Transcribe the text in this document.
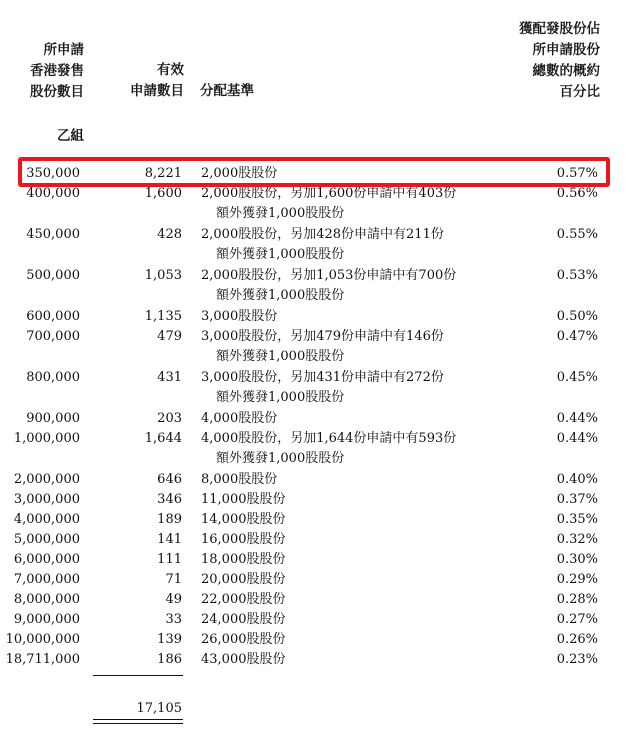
所申請
香港發售
股份數目
有效
申請數目 分配基準
獲配發股份佔
所申請股份
總數的概約
百分比
乙組
350,000	8,221 2,000股股份	0.57%
400,000	1,600 2,000股股份，另加1,600份申請中有403份	0.56%
額外獲發1,000股股份
450,000	428 2,000股股份，另加428份申請中有211份	0.55%
額外獲發1,000股股份
500,000	1,053 2,000股股份，另加1,053份申請中有700份	0.53%
額外獲發1,000股股份
600,000	1,135 3,000股股份	0.50%
700,000	479 3,000股股份，另加479份申請中有146份	0.47%
額外獲發1,000股股份
800,000	431 3,000股股份，另加431份申請中有272份	0.45%
額外獲發1,000股股份
900,000	203 4,000股股份	0.44%
1,000,000	1,644 4,000股股份，另加1,644份申請中有593份	0.44%
額外獲發1,000股股份
2,000,000	646 8,000股股份	0.40%
3,000,000	346 11,000股股份	0.37%
4,000,000	189 14,000股股份	0.35%
5,000,000	141 16,000股股份	0.32%
6,000,000	111 18,000股股份	0.30%
7,000,000	71 20,000股股份	0.29%
8,000,000	49 22,000股股份	0.28%
9,000,000	33 24,000股股份	0.27%
10,000,000	139 26,000股股份	0.26%
18,711,000	186 43,000股股份	0.23%
17,105
